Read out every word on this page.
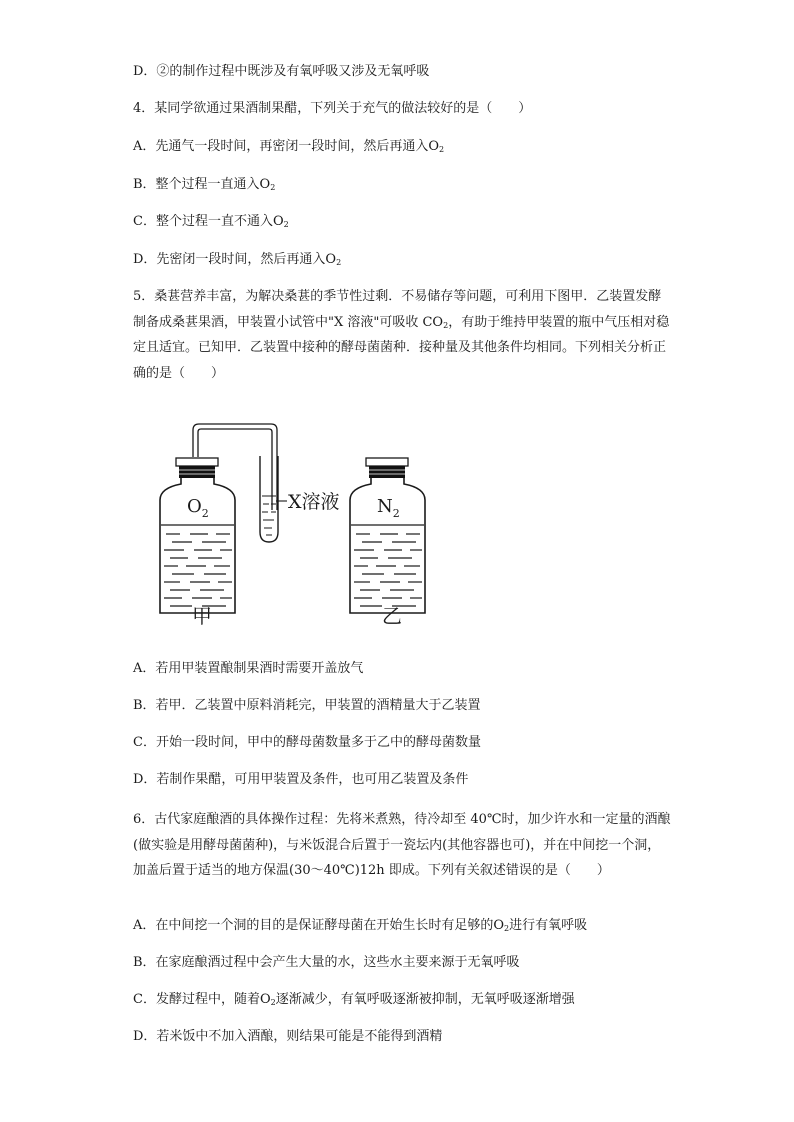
D．②的制作过程中既涉及有氧呼吸又涉及无氧呼吸
4．某同学欲通过果酒制果醋，下列关于充气的做法较好的是（　　）
A．先通气一段时间，再密闭一段时间，然后再通入$O_2$
B．整个过程一直通入$O_2$
C．整个过程一直不通入$O_2$
D．先密闭一段时间，然后再通入$O_2$
5．桑葚营养丰富，为解决桑葚的季节性过剩．不易储存等问题，可利用下图甲．乙装置发酵制备成桑葚果酒，甲装置小试管中"X 溶液"可吸收 $CO_2$，有助于维持甲装置的瓶中气压相对稳定且适宜。已知甲．乙装置中接种的酵母菌菌种．接种量及其他条件均相同。下列相关分析正确的是（　　）
$O_2$
X溶液 $N_2$
甲	乙
A．若用甲装置酿制果酒时需要开盖放气
B．若甲．乙装置中原料消耗完，甲装置的酒精量大于乙装置
C．开始一段时间，甲中的酵母菌数量多于乙中的酵母菌数量
D．若制作果醋，可用甲装置及条件，也可用乙装置及条件
6．古代家庭酿酒的具体操作过程：先将米煮熟，待冷却至 40℃时，加少许水和一定量的酒酿(做实验是用酵母菌菌种)，与米饭混合后置于一瓷坛内(其他容器也可)，并在中间挖一个洞，加盖后置于适当的地方保温(30～40℃)12h 即成。下列有关叙述错误的是（　　）
A．在中间挖一个洞的目的是保证酵母菌在开始生长时有足够的$O_2$进行有氧呼吸
B．在家庭酿酒过程中会产生大量的水，这些水主要来源于无氧呼吸
C．发酵过程中，随着$O_2$逐渐减少，有氧呼吸逐渐被抑制，无氧呼吸逐渐增强
D．若米饭中不加入酒酿，则结果可能是不能得到酒精
